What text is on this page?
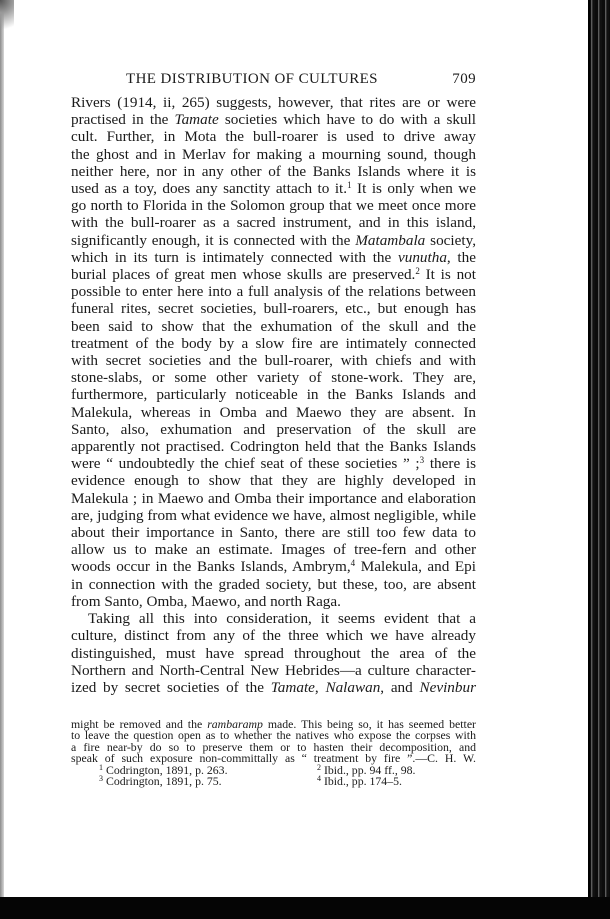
THE DISTRIBUTION OF CULTURES	709

Rivers (1914, ii, 265) suggests, however, that rites are or were
practised in the Tamate societies which have to do with a skull
cult. Further, in Mota the bull-roarer is used to drive away
the ghost and in Merlav for making a mourning sound, though
neither here, nor in any other of the Banks Islands where it is
used as a toy, does any sanctity attach to it.$^1$ It is only when we
go north to Florida in the Solomon group that we meet once more
with the bull-roarer as a sacred instrument, and in this island,
significantly enough, it is connected with the Matambala society,
which in its turn is intimately connected with the vunutha, the
burial places of great men whose skulls are preserved.$^2$ It is not
possible to enter here into a full analysis of the relations between
funeral rites, secret societies, bull-roarers, etc., but enough has
been said to show that the exhumation of the skull and the
treatment of the body by a slow fire are intimately connected
with secret societies and the bull-roarer, with chiefs and with
stone-slabs, or some other variety of stone-work. They are,
furthermore, particularly noticeable in the Banks Islands and
Malekula, whereas in Omba and Maewo they are absent. In
Santo, also, exhumation and preservation of the skull are
apparently not practised. Codrington held that the Banks Islands
were “ undoubtedly the chief seat of these societies ” ;$^3$ there is
evidence enough to show that they are highly developed in
Malekula ; in Maewo and Omba their importance and elaboration
are, judging from what evidence we have, almost negligible, while
about their importance in Santo, there are still too few data to
allow us to make an estimate. Images of tree-fern and other
woods occur in the Banks Islands, Ambrym,$^4$ Malekula, and Epi
in connection with the graded society, but these, too, are absent
from Santo, Omba, Maewo, and north Raga.

Taking all this into consideration, it seems evident that a
culture, distinct from any of the three which we have already
distinguished, must have spread throughout the area of the
Northern and North-Central New Hebrides—a culture character-
ized by secret societies of the Tamate, Nalawan, and Nevinbur

might be removed and the rambaramp made. This being so, it has seemed better
to leave the question open as to whether the natives who expose the corpses with
a fire near-by do so to preserve them or to hasten their decomposition, and
speak of such exposure non-committally as “ treatment by fire ”.—C. H. W.
$^1$ Codrington, 1891, p. 263.	$^2$ Ibid., pp. 94 ff., 98.
$^3$ Codrington, 1891, p. 75.	$^4$ Ibid., pp. 174–5.
